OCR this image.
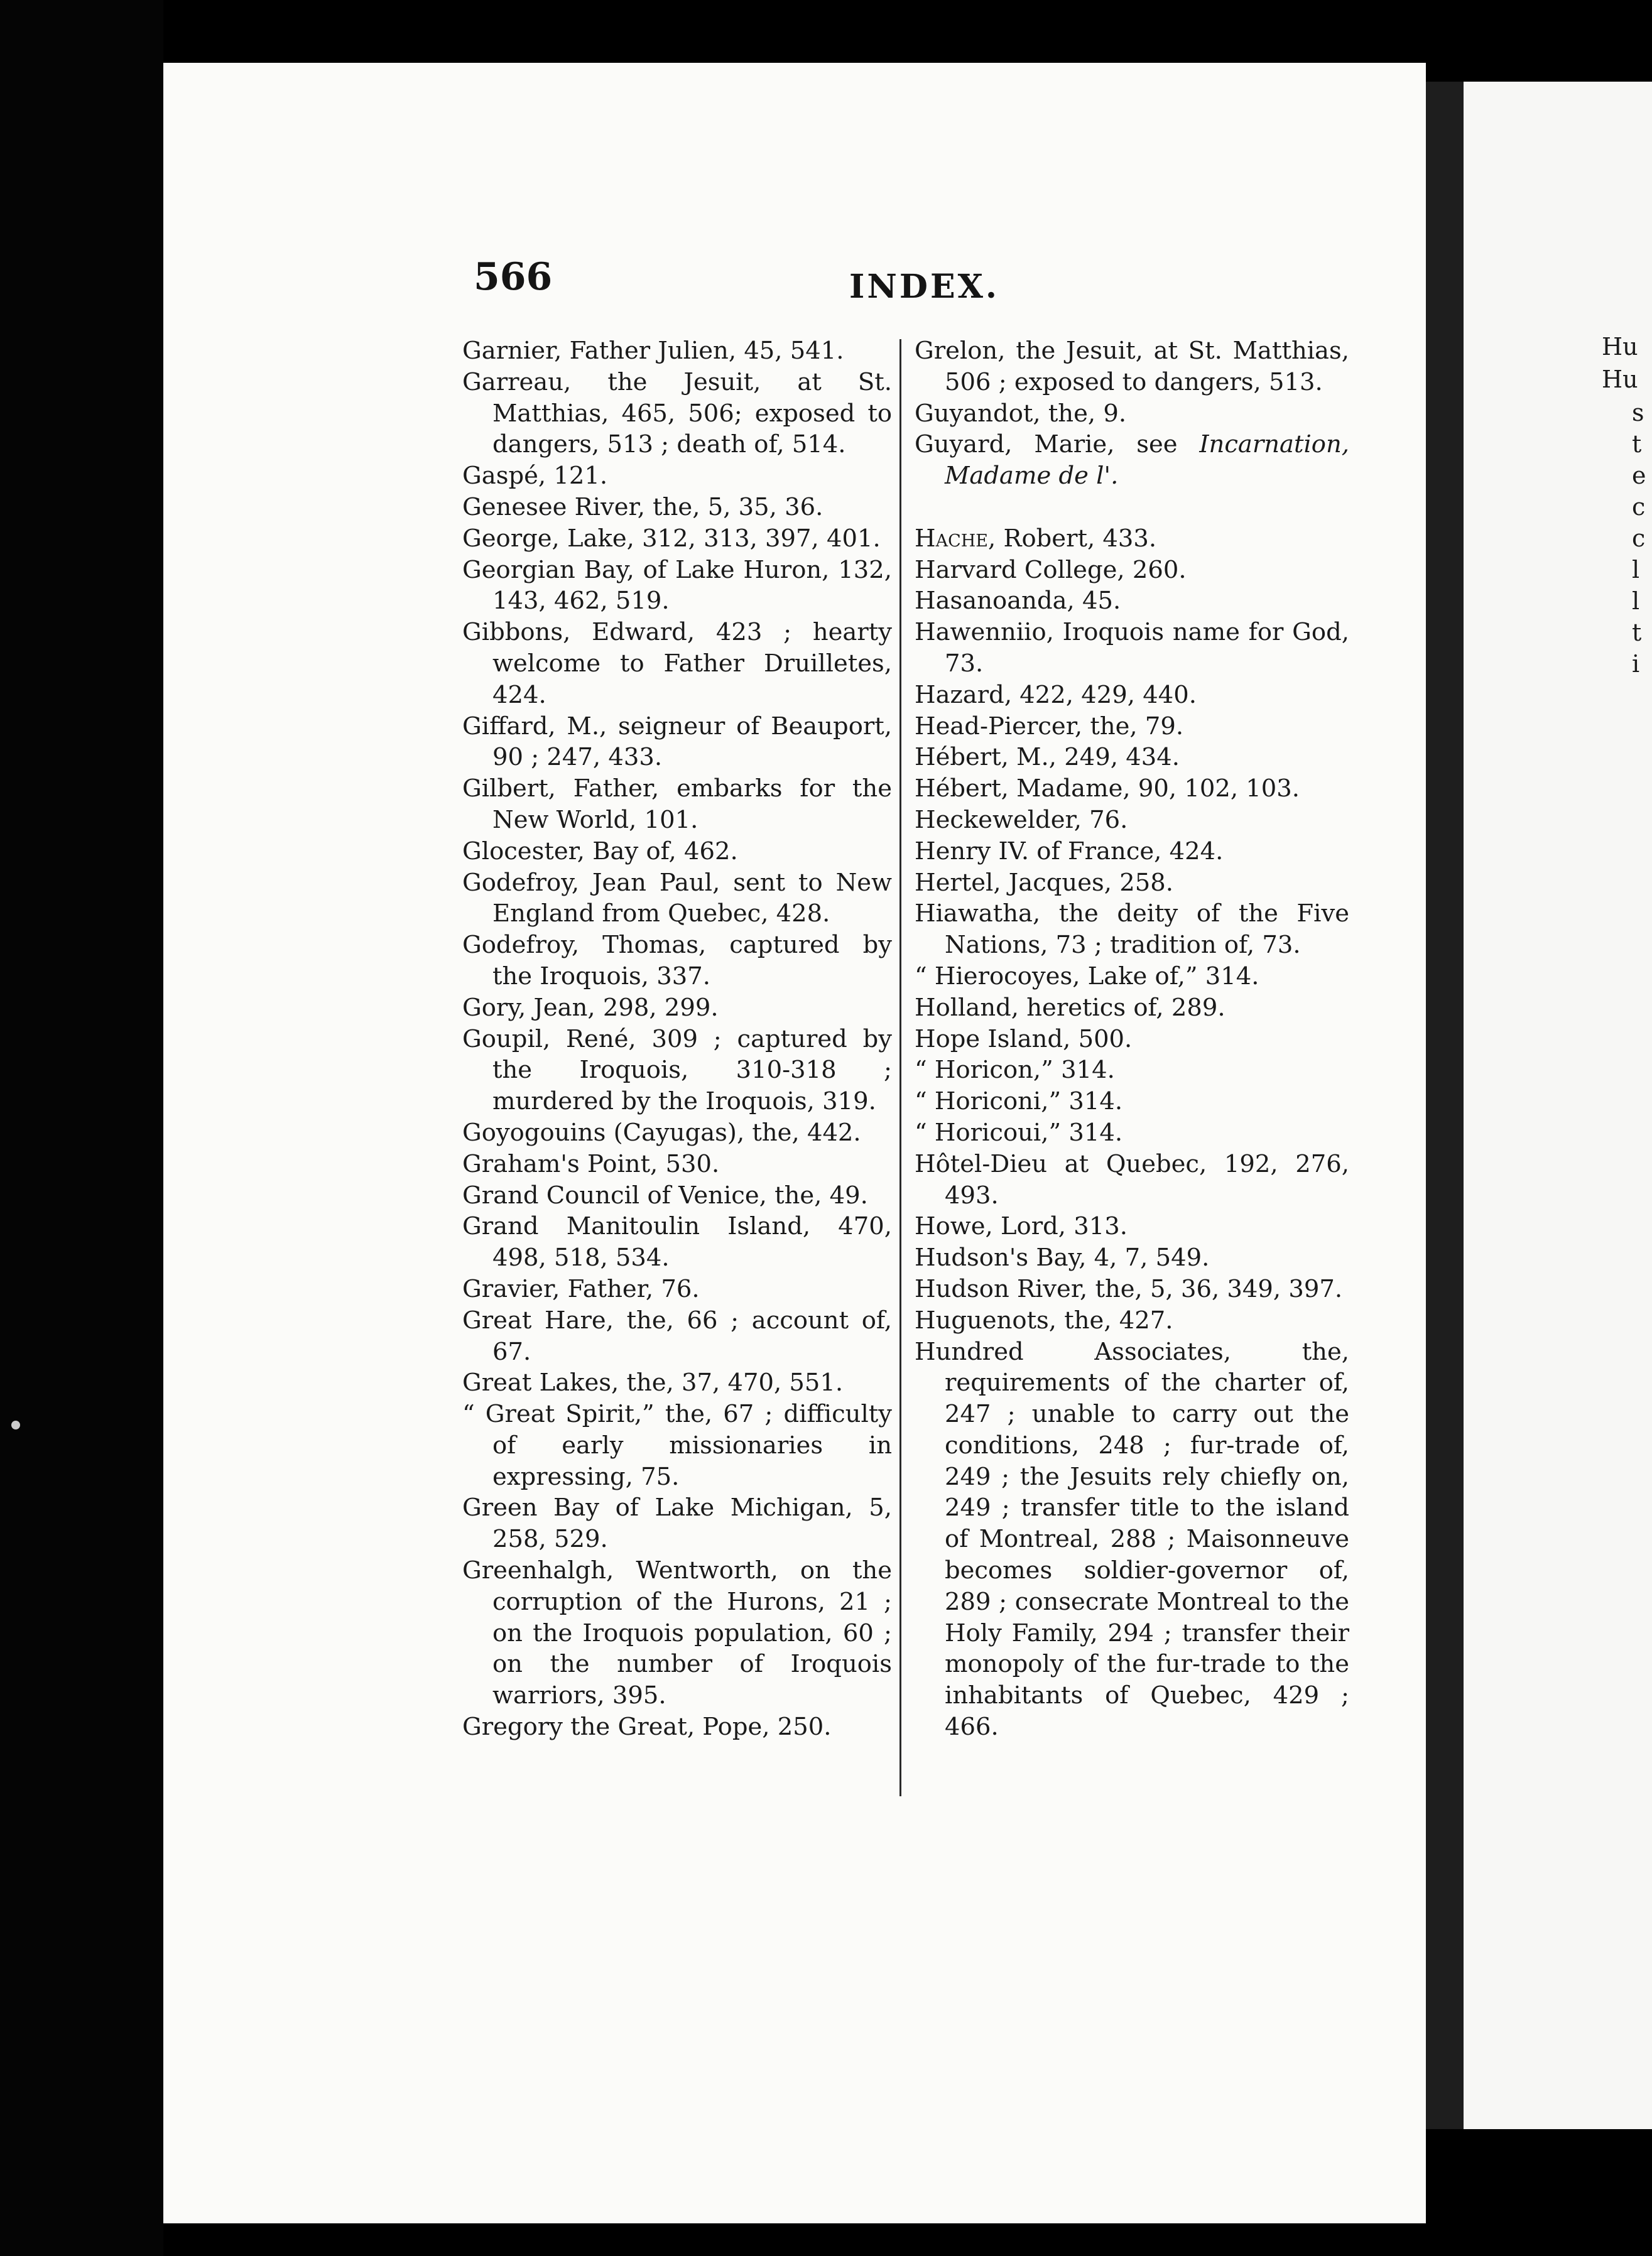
Hu
Hu
s
t
e
c
c
l
l
t
i
566	INDEX.

Garnier, Father Julien, 45, 541.

Garreau, the Jesuit, at St. Matthias, 465, 506; exposed to dangers, 513 ; death of, 514.

Gaspé, 121.

Genesee River, the, 5, 35, 36.

George, Lake, 312, 313, 397, 401.

Georgian Bay, of Lake Huron, 132, 143, 462, 519.

Gibbons, Edward, 423 ; hearty welcome to Father Druilletes, 424.

Giffard, M., seigneur of Beauport, 90 ; 247, 433.

Gilbert, Father, embarks for the New World, 101.

Glocester, Bay of, 462.

Godefroy, Jean Paul, sent to New England from Quebec, 428.

Godefroy, Thomas, captured by the Iroquois, 337.

Gory, Jean, 298, 299.

Goupil, René, 309 ; captured by the Iroquois, 310-318 ; murdered by the Iroquois, 319.

Goyogouins (Cayugas), the, 442.

Graham's Point, 530.

Grand Council of Venice, the, 49.

Grand Manitoulin Island, 470, 498, 518, 534.

Gravier, Father, 76.

Great Hare, the, 66 ; account of, 67.

Great Lakes, the, 37, 470, 551.

“ Great Spirit,” the, 67 ; difficulty of early missionaries in expressing, 75.

Green Bay of Lake Michigan, 5, 258, 529.

Greenhalgh, Wentworth, on the corruption of the Hurons, 21 ; on the Iroquois population, 60 ; on the number of Iroquois warriors, 395.

Gregory the Great, Pope, 250.

Grelon, the Jesuit, at St. Matthias, 506 ; exposed to dangers, 513.

Guyandot, the, 9.

Guyard, Marie, see Incarnation, Madame de l'.

Hache, Robert, 433.

Harvard College, 260.

Hasanoanda, 45.

Hawenniio, Iroquois name for God, 73.

Hazard, 422, 429, 440.

Head-Piercer, the, 79.

Hébert, M., 249, 434.

Hébert, Madame, 90, 102, 103.

Heckewelder, 76.

Henry IV. of France, 424.

Hertel, Jacques, 258.

Hiawatha, the deity of the Five Nations, 73 ; tradition of, 73.

“ Hierocoyes, Lake of,” 314.

Holland, heretics of, 289.

Hope Island, 500.

“ Horicon,” 314.

“ Horiconi,” 314.

“ Horicoui,” 314.

Hôtel-Dieu at Quebec, 192, 276, 493.

Howe, Lord, 313.

Hudson's Bay, 4, 7, 549.

Hudson River, the, 5, 36, 349, 397.

Huguenots, the, 427.

Hundred Associates, the, requirements of the charter of, 247 ; unable to carry out the conditions, 248 ; fur-trade of, 249 ; the Jesuits rely chiefly on, 249 ; transfer title to the island of Montreal, 288 ; Maisonneuve becomes soldier-governor of, 289 ; consecrate Montreal to the Holy Family, 294 ; transfer their monopoly of the fur-trade to the inhabitants of Quebec, 429 ; 466.
